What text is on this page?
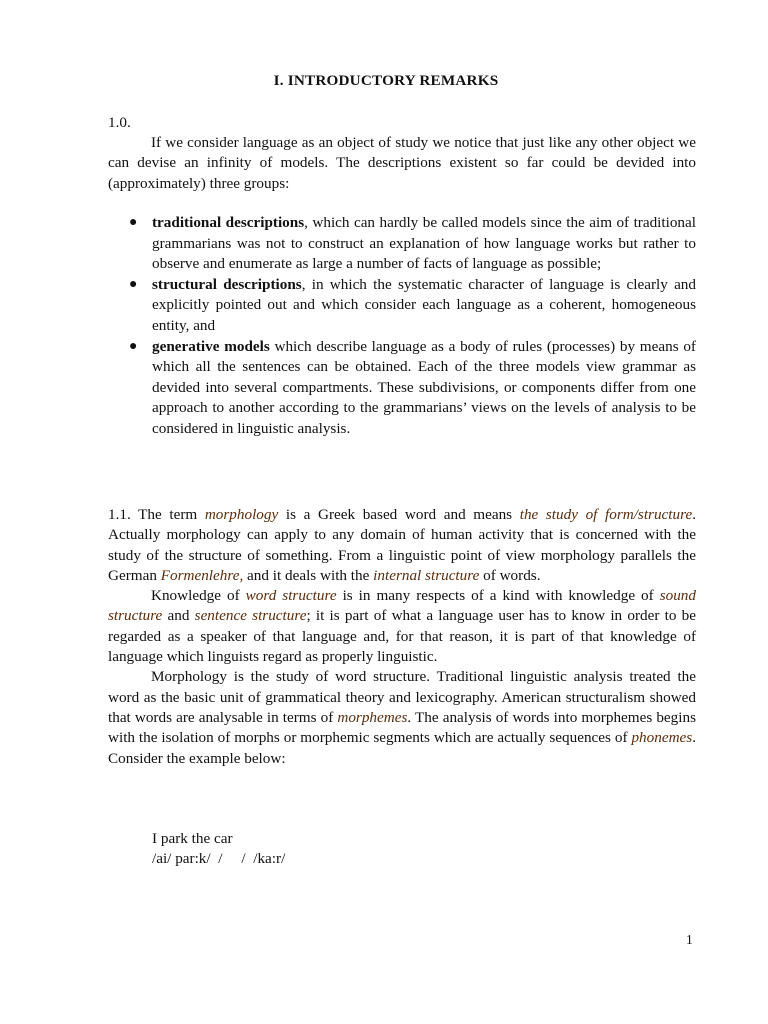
I. INTRODUCTORY REMARKS
1.0.

If we consider language as an object of study we notice that just like any other object we can devise an infinity of models. The descriptions existent so far could be devided into (approximately) three groups:

● traditional descriptions, which can hardly be called models since the aim of traditional grammarians was not to construct an explanation of how language works but rather to observe and enumerate as large a number of facts of language as possible;
● structural descriptions, in which the systematic character of language is clearly and explicitly pointed out and which consider each language as a coherent, homogeneous entity, and
● generative models which describe language as a body of rules (processes) by means of which all the sentences can be obtained. Each of the three models view grammar as devided into several compartments. These subdivisions, or components differ from one approach to another according to the grammarians’ views on the levels of analysis to be considered in linguistic analysis.

1.1. The term morphology is a Greek based word and means the study of form/structure. Actually morphology can apply to any domain of human activity that is concerned with the study of the structure of something. From a linguistic point of view morphology parallels the German Formenlehre, and it deals with the internal structure of words.

Knowledge of word structure is in many respects of a kind with knowledge of sound structure and sentence structure; it is part of what a language user has to know in order to be regarded as a speaker of that language and, for that reason, it is part of that knowledge of language which linguists regard as properly linguistic.

Morphology is the study of word structure. Traditional linguistic analysis treated the word as the basic unit of grammatical theory and lexicography. American structuralism showed that words are analysable in terms of morphemes. The analysis of words into morphemes begins with the isolation of morphs or morphemic segments which are actually sequences of phonemes. Consider the example below:

I park the car
/ai/ par:k/  /     /  /ka:r/
1
